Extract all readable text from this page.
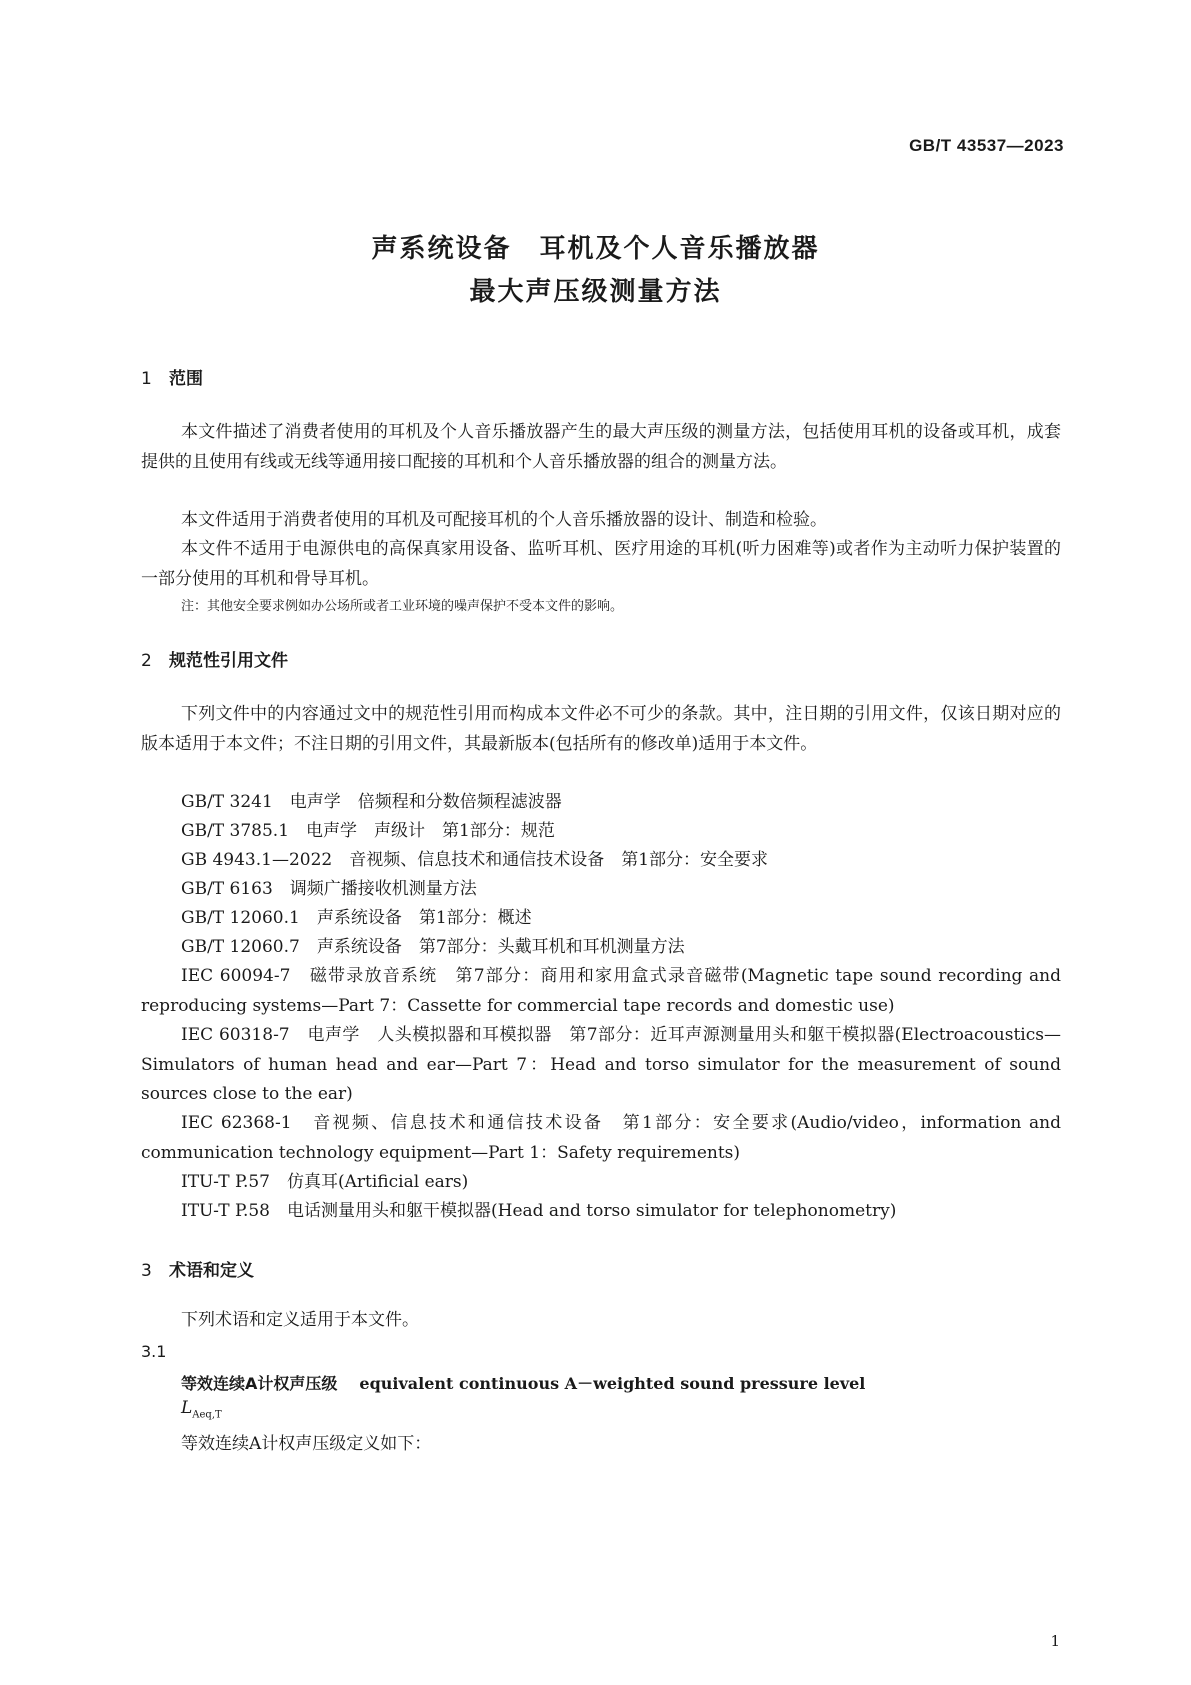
GB/T 43537—2023
声系统设备　耳机及个人音乐播放器
最大声压级测量方法
1 范围
本文件描述了消费者使用的耳机及个人音乐播放器产生的最大声压级的测量方法，包括使用耳机的设备或耳机，成套提供的且使用有线或无线等通用接口配接的耳机和个人音乐播放器的组合的测量方法。
本文件适用于消费者使用的耳机及可配接耳机的个人音乐播放器的设计、制造和检验。
本文件不适用于电源供电的高保真家用设备、监听耳机、医疗用途的耳机(听力困难等)或者作为主动听力保护装置的一部分使用的耳机和骨导耳机。
注：其他安全要求例如办公场所或者工业环境的噪声保护不受本文件的影响。
2 规范性引用文件
下列文件中的内容通过文中的规范性引用而构成本文件必不可少的条款。其中，注日期的引用文件，仅该日期对应的版本适用于本文件；不注日期的引用文件，其最新版本(包括所有的修改单)适用于本文件。
GB/T 3241　电声学　倍频程和分数倍频程滤波器
GB/T 3785.1　电声学　声级计　第1部分：规范
GB 4943.1—2022　音视频、信息技术和通信技术设备　第1部分：安全要求
GB/T 6163　调频广播接收机测量方法
GB/T 12060.1　声系统设备　第1部分：概述
GB/T 12060.7　声系统设备　第7部分：头戴耳机和耳机测量方法
IEC 60094-7　磁带录放音系统　第7部分：商用和家用盒式录音磁带(Magnetic tape sound recording and reproducing systems—Part 7：Cassette for commercial tape records and domestic use)
IEC 60318-7　电声学　人头模拟器和耳模拟器　第7部分：近耳声源测量用头和躯干模拟器(Electroacoustics—Simulators of human head and ear—Part 7：Head and torso simulator for the measurement of sound sources close to the ear)
IEC 62368-1　音视频、信息技术和通信技术设备　第1部分：安全要求(Audio/video，information and communication technology equipment—Part 1：Safety requirements)
ITU-T P.57　仿真耳(Artificial ears)
ITU-T P.58　电话测量用头和躯干模拟器(Head and torso simulator for telephonometry)
3 术语和定义
下列术语和定义适用于本文件。
3.1
等效连续A计权声压级 equivalent continuous A－weighted sound pressure level
$L_{Aeq,T}$
等效连续A计权声压级定义如下：
1
